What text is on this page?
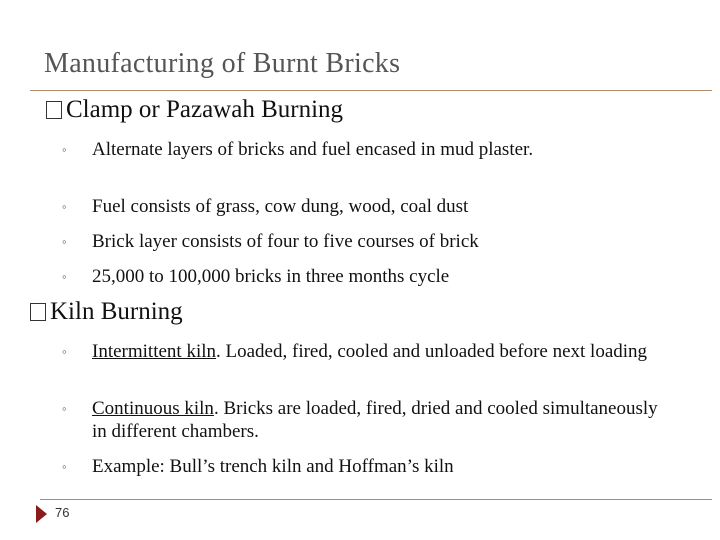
Manufacturing of Burnt Bricks
Clamp or Pazawah Burning
◦ Alternate layers of bricks and fuel encased in mud plaster.
◦ Fuel consists of grass, cow dung, wood, coal dust
◦ Brick layer consists of four to five courses of brick
◦ 25,000 to 100,000 bricks in three months cycle
Kiln Burning
◦ Intermittent kiln. Loaded, fired, cooled and unloaded before next loading
◦ Continuous kiln. Bricks are loaded, fired, dried and cooled simultaneously in different chambers.
◦ Example: Bull’s trench kiln and Hoffman’s kiln
76
